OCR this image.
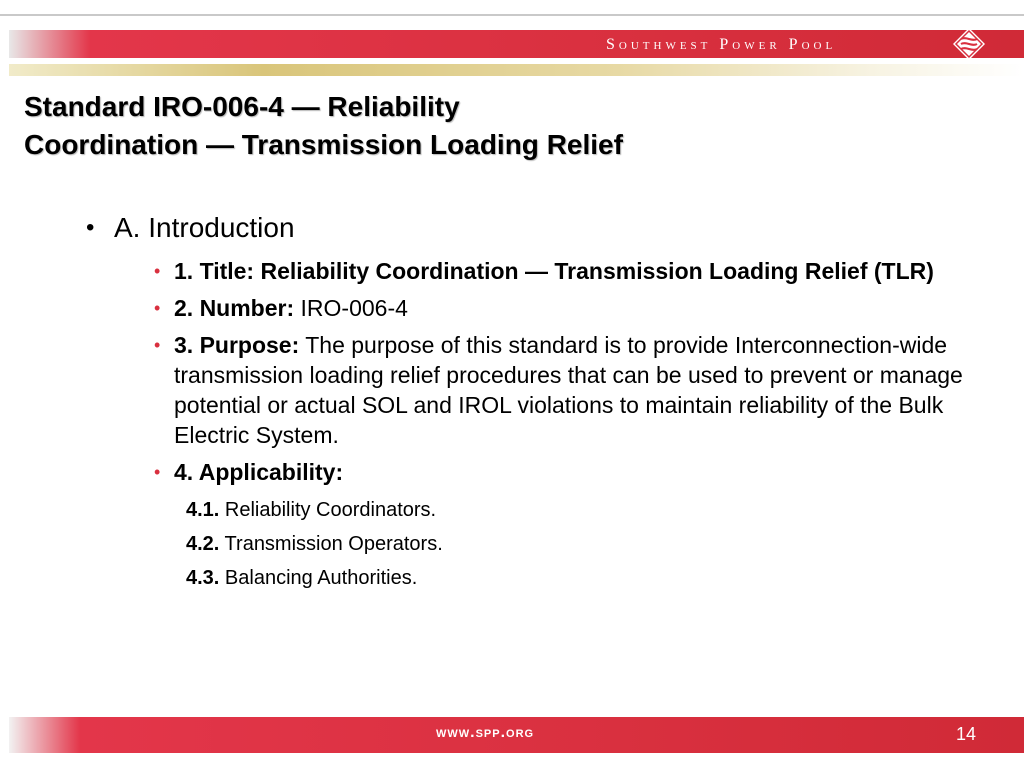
Southwest Power Pool
Standard IRO-006-4 — Reliability
Coordination — Transmission Loading Relief
• A. Introduction
• 1. Title: Reliability Coordination — Transmission Loading Relief (TLR)
• 2. Number: IRO-006-4
• 3. Purpose: The purpose of this standard is to provide Interconnection-wide transmission loading relief procedures that can be used to prevent or manage potential or actual SOL and IROL violations to maintain reliability of the Bulk Electric System.
• 4. Applicability:
4.1. Reliability Coordinators.
4.2. Transmission Operators.
4.3. Balancing Authorities.
www.spp.org	14
